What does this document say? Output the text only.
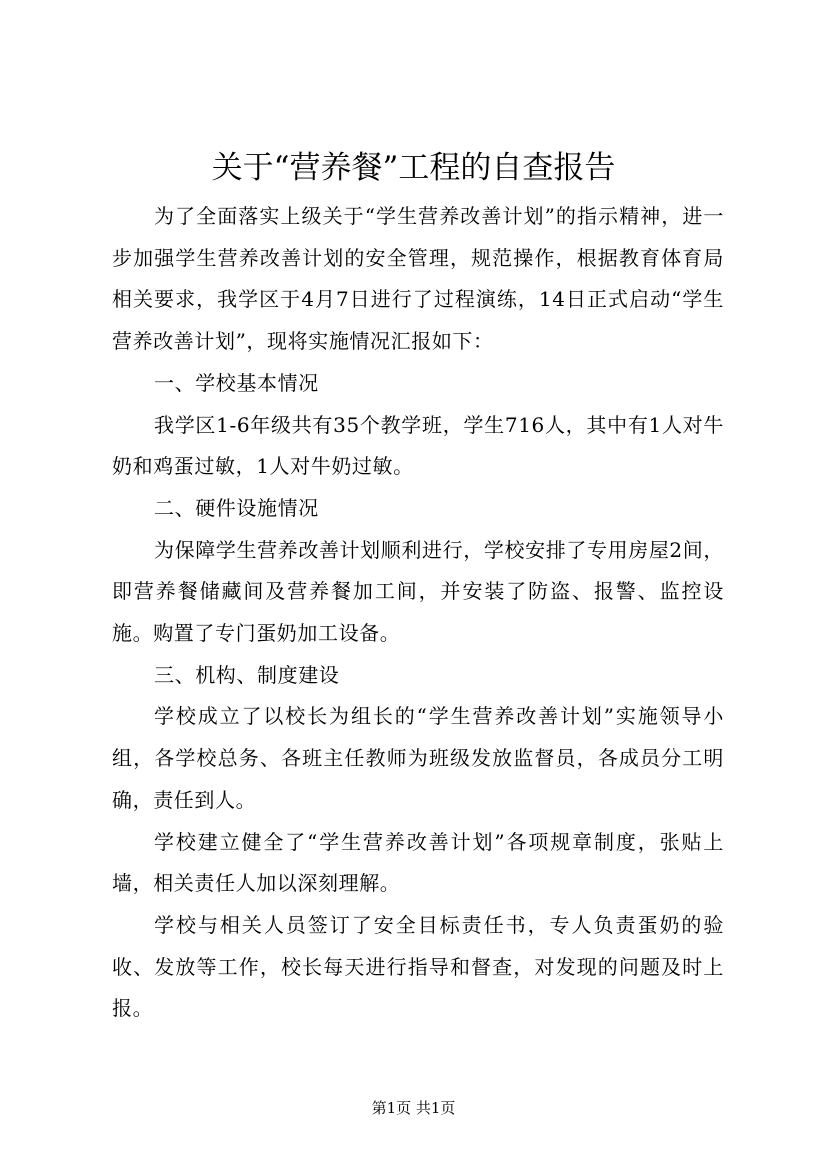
关于“营养餐”工程的自查报告

为了全面落实上级关于“学生营养改善计划”的指示精神，进一步加强学生营养改善计划的安全管理，规范操作，根据教育体育局相关要求，我学区于4月7日进行了过程演练，14日正式启动“学生营养改善计划”，现将实施情况汇报如下：

一、学校基本情况

我学区1-6年级共有35个教学班，学生716人，其中有1人对牛奶和鸡蛋过敏，1人对牛奶过敏。

二、硬件设施情况

为保障学生营养改善计划顺利进行，学校安排了专用房屋2间，即营养餐储藏间及营养餐加工间，并安装了防盗、报警、监控设施。购置了专门蛋奶加工设备。

三、机构、制度建设

学校成立了以校长为组长的“学生营养改善计划”实施领导小组，各学校总务、各班主任教师为班级发放监督员，各成员分工明确，责任到人。

学校建立健全了“学生营养改善计划”各项规章制度，张贴上墙，相关责任人加以深刻理解。

学校与相关人员签订了安全目标责任书，专人负责蛋奶的验收、发放等工作，校长每天进行指导和督查，对发现的问题及时上报。

第1页 共1页
